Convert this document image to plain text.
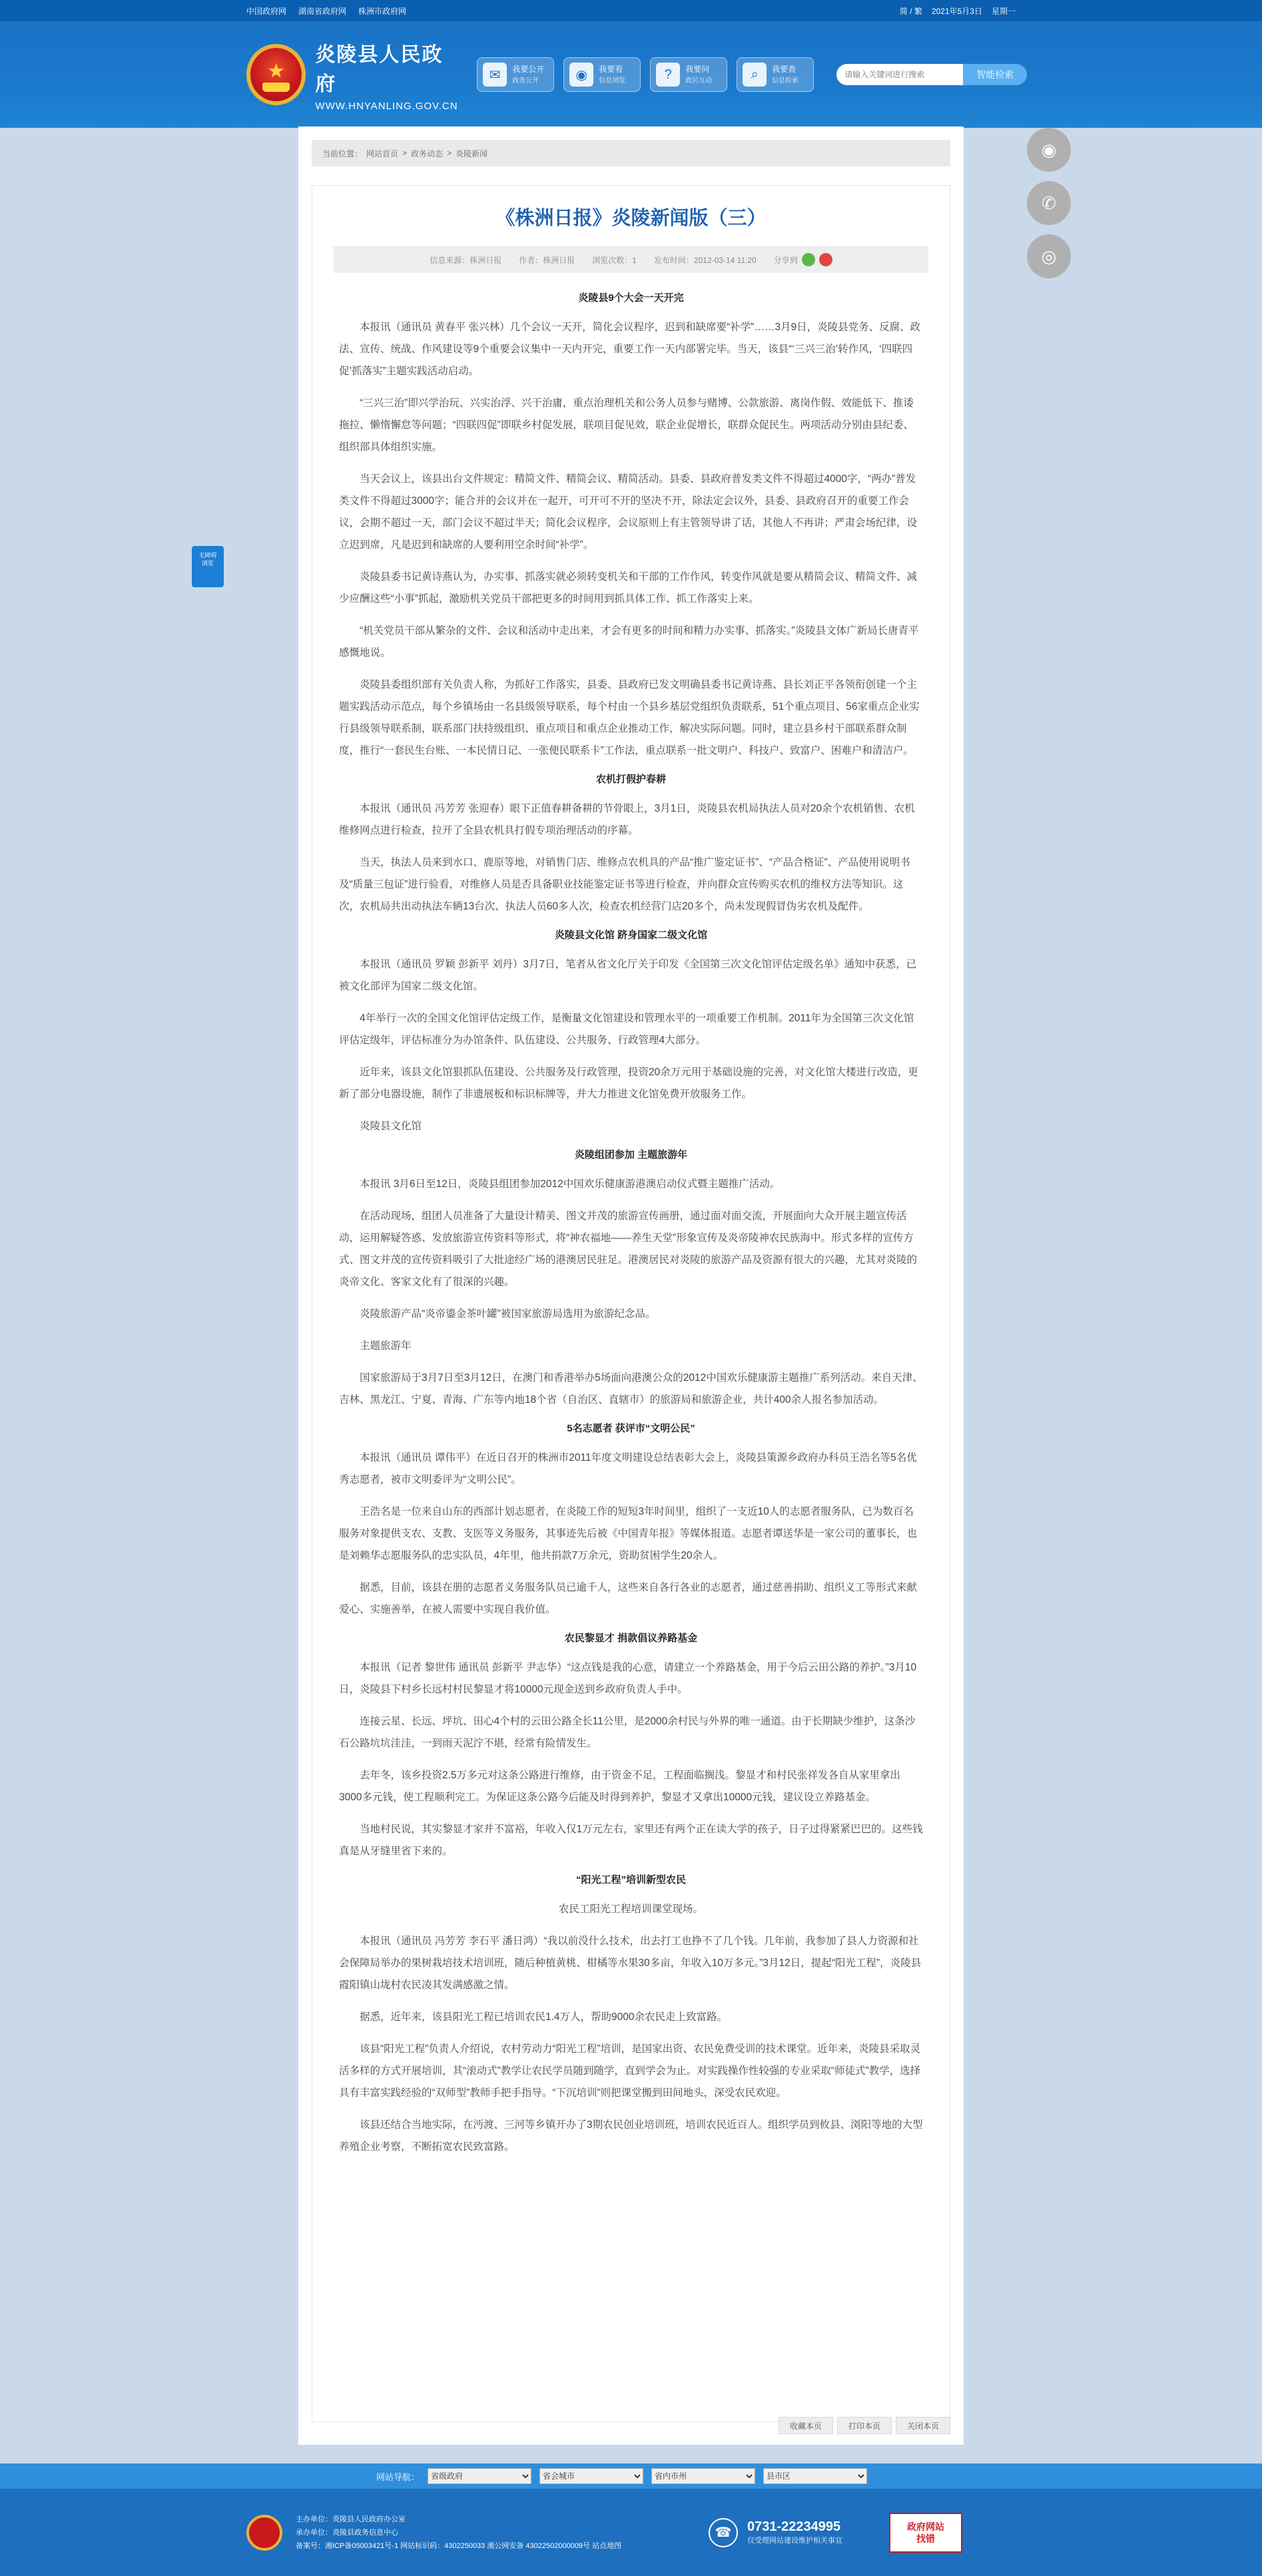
中国政府网 湖南省政府网 株洲市政府网	简 / 繁 2021年5月3日 星期一
★
炎陵县人民政府
WWW.HNYANLING.GOV.CN
✉	我要公开
政务公开	◉	我要看
信息浏览	?	我要问
政民互动	⌕	我要查
信息检索
请输入关键词进行搜索
智能检索
◉
✆
◎
无障碍
浏览
当前位置： 网站首页 > 政务动态 > 炎陵新闻
《株洲日报》炎陵新闻版（三）
信息来源：株洲日报 作者：株洲日报 浏览次数：1 发布时间：2012-03-14 11:20 分享到
炎陵县9个大会一天开完

本报讯（通讯员 黄春平 张兴林）几个会议一天开，简化会议程序，迟到和缺席要“补学”……3月9日，炎陵县党务、反腐、政法、宣传、统战、作风建设等9个重要会议集中一天内开完，重要工作一天内部署完毕。当天，该县“‘三兴三治’转作风，‘四联四促’抓落实”主题实践活动启动。

“三兴三治”即兴学治玩、兴实治浮、兴干治庸，重点治理机关和公务人员参与赌博、公款旅游、离岗作假、效能低下、推诿拖拉、懒惰懈怠等问题；“四联四促”即联乡村促发展，联项目促见效，联企业促增长，联群众促民生。两项活动分别由县纪委、组织部具体组织实施。

当天会议上，该县出台文件规定：精简文件、精简会议、精简活动。县委、县政府普发类文件不得超过4000字，“两办”普发类文件不得超过3000字；能合并的会议并在一起开，可开可不开的坚决不开，除法定会议外，县委、县政府召开的重要工作会议，会期不超过一天，部门会议不超过半天；简化会议程序，会议原则上有主管领导讲了话，其他人不再讲；严肃会场纪律，设立迟到席，凡是迟到和缺席的人要利用空余时间“补学”。

炎陵县委书记黄诗燕认为，办实事、抓落实就必须转变机关和干部的工作作风，转变作风就是要从精简会议、精简文件、减少应酬这些“小事”抓起，激励机关党员干部把更多的时间用到抓具体工作、抓工作落实上来。

“机关党员干部从繁杂的文件、会议和活动中走出来，才会有更多的时间和精力办实事、抓落实。”炎陵县文体广新局长唐青平感慨地说。

炎陵县委组织部有关负责人称，为抓好工作落实，县委、县政府已发文明确县委书记黄诗燕、县长刘正平各领衔创建一个主题实践活动示范点，每个乡镇场由一名县级领导联系，每个村由一个县乡基层党组织负责联系，51个重点项目、56家重点企业实行县级领导联系制，联系部门扶持级组织、重点项目和重点企业推动工作，解决实际问题。同时，建立县乡村干部联系群众制度，推行“一套民生台账、一本民情日记、一张便民联系卡”工作法，重点联系一批文明户、科技户、致富户、困难户和清洁户。

农机打假护春耕

本报讯（通讯员 冯芳芳 张迎春）眼下正值春耕备耕的节骨眼上，3月1日，炎陵县农机局执法人员对20余个农机销售、农机维修网点进行检查，拉开了全县农机具打假专项治理活动的序幕。

当天，执法人员来到水口、鹿原等地，对销售门店、维修点农机具的产品“推广鉴定证书”、“产品合格证”、产品使用说明书及“质量三包证”进行验看，对维修人员是否具备职业技能鉴定证书等进行检查，并向群众宣传购买农机的维权方法等知识。这次，农机局共出动执法车辆13台次、执法人员60多人次，检查农机经营门店20多个，尚未发现假冒伪劣农机及配件。

炎陵县文化馆 跻身国家二级文化馆

本报讯（通讯员 罗颖 彭新平 刘丹）3月7日，笔者从省文化厅关于印发《全国第三次文化馆评估定级名单》通知中获悉，已被文化部评为国家二级文化馆。

4年举行一次的全国文化馆评估定级工作，是衡量文化馆建设和管理水平的一项重要工作机制。2011年为全国第三次文化馆评估定级年，评估标准分为办馆条件、队伍建设、公共服务、行政管理4大部分。

近年来，该县文化馆狠抓队伍建设、公共服务及行政管理，投资20余万元用于基础设施的完善，对文化馆大楼进行改造，更新了部分电器设施，制作了非遗展板和标识标牌等，并大力推进文化馆免费开放服务工作。

炎陵县文化馆

炎陵组团参加 主题旅游年

本报讯 3月6日至12日，炎陵县组团参加2012中国欢乐健康游港澳启动仪式暨主题推广活动。

在活动现场，组团人员准备了大量设计精美、图文并茂的旅游宣传画册，通过面对面交流，开展面向大众开展主题宣传活动，运用解疑答惑、发放旅游宣传资料等形式，将“神农福地——养生天堂”形象宣传及炎帝陵神农民族海中。形式多样的宣传方式、图文并茂的宣传资料吸引了大批途经广场的港澳居民驻足。港澳居民对炎陵的旅游产品及资源有很大的兴趣，尤其对炎陵的炎帝文化、客家文化有了很深的兴趣。

炎陵旅游产品“炎帝鎏金茶叶罐”被国家旅游局选用为旅游纪念品。

主题旅游年

国家旅游局于3月7日至3月12日，在澳门和香港举办5场面向港澳公众的2012中国欢乐健康游主题推广系列活动。来自天津、吉林、黑龙江、宁夏、青海、广东等内地18个省（自治区、直辖市）的旅游局和旅游企业，共计400余人报名参加活动。

5名志愿者 获评市“文明公民”

本报讯（通讯员 谭伟平）在近日召开的株洲市2011年度文明建设总结表彰大会上，炎陵县策源乡政府办科员王浩名等5名优秀志愿者，被市文明委评为“文明公民”。

王浩名是一位来自山东的西部计划志愿者，在炎陵工作的短短3年时间里，组织了一支近10人的志愿者服务队，已为数百名服务对象提供支农、支教、支医等义务服务，其事迹先后被《中国青年报》等媒体报道。志愿者谭送华是一家公司的董事长，也是刘赖华志愿服务队的忠实队员，4年里，他共捐款7万余元，资助贫困学生20余人。

据悉，目前，该县在册的志愿者义务服务队员已逾千人，这些来自各行各业的志愿者，通过慈善捐助、组织义工等形式来献爱心、实施善举，在被人需要中实现自我价值。

农民黎显才 捐款倡议养路基金

本报讯（记者 黎世伟 通讯员 彭新平 尹志华）“这点钱是我的心意，请建立一个养路基金，用于今后云田公路的养护。”3月10日，炎陵县下村乡长远村村民黎显才将10000元现金送到乡政府负责人手中。

连接云星、长远、坪坑、田心4个村的云田公路全长11公里，是2000余村民与外界的唯一通道。由于长期缺少维护，这条沙石公路坑坑洼洼，一到雨天泥泞不堪，经常有险情发生。

去年冬，该乡投资2.5万多元对这条公路进行维修，由于资金不足，工程面临搁浅。黎显才和村民张祥发各自从家里拿出3000多元钱，使工程顺利完工。为保证这条公路今后能及时得到养护，黎显才又拿出10000元钱，建议设立养路基金。

当地村民说，其实黎显才家并不富裕，年收入仅1万元左右，家里还有两个正在读大学的孩子，日子过得紧紧巴巴的。这些钱真是从牙缝里省下来的。

“阳光工程”培训新型农民

农民工阳光工程培训课堂现场。

本报讯（通讯员 冯芳芳 李石平 潘日鸿）“我以前没什么技术，出去打工也挣不了几个钱。几年前，我参加了县人力资源和社会保障局举办的果树栽培技术培训班，随后种植黄桃、柑橘等水果30多亩，年收入10万多元。”3月12日，提起“阳光工程”，炎陵县霞阳镇山垅村农民凌其发满感激之情。

据悉，近年来，该县阳光工程已培训农民1.4万人，帮助9000余农民走上致富路。

该县“阳光工程”负责人介绍说，农村劳动力“阳光工程”培训，是国家出资、农民免费受训的技术课堂。近年来，炎陵县采取灵活多样的方式开展培训，其“滚动式”教学让农民学员随到随学，直到学会为止。对实践操作性较强的专业采取“师徒式”教学，选择具有丰富实践经验的“双师型”教师手把手指导。“下沉培训”则把课堂搬到田间地头，深受农民欢迎。

该县还结合当地实际，在沔渡、三河等乡镇开办了3期农民创业培训班，培训农民近百人。组织学员到攸县、浏阳等地的大型养殖企业考察，不断拓宽农民致富路。

收藏本页	打印本页	关闭本页
网站导航：
省级政府
省会城市
省内市州
县市区
主办单位：炎陵县人民政府办公室
承办单位：炎陵县政务信息中心
备案号：湘ICP备05003421号-1 网站标识码：4302250033 湘公网安备 43022502000009号 站点地图
☎	0731-22234995
仅受理网站建设维护相关事宜
政府网站
找错
